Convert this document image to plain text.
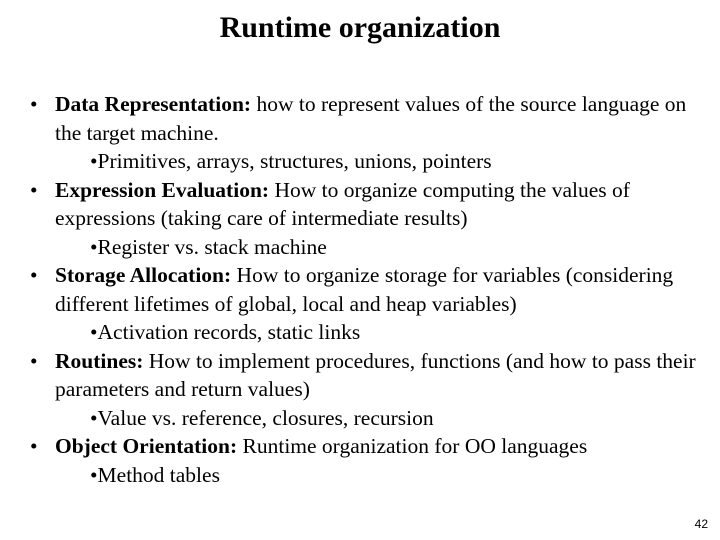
Runtime organization
• Data Representation: how to represent values of the source language on the target machine.
•Primitives, arrays, structures, unions, pointers
• Expression Evaluation: How to organize computing the values of expressions (taking care of intermediate results)
•Register vs. stack machine
• Storage Allocation: How to organize storage for variables (considering different lifetimes of global, local and heap variables)
•Activation records, static links
• Routines: How to implement procedures, functions (and how to pass their parameters and return values)
•Value vs. reference, closures, recursion
• Object Orientation: Runtime organization for OO languages
•Method tables
42
